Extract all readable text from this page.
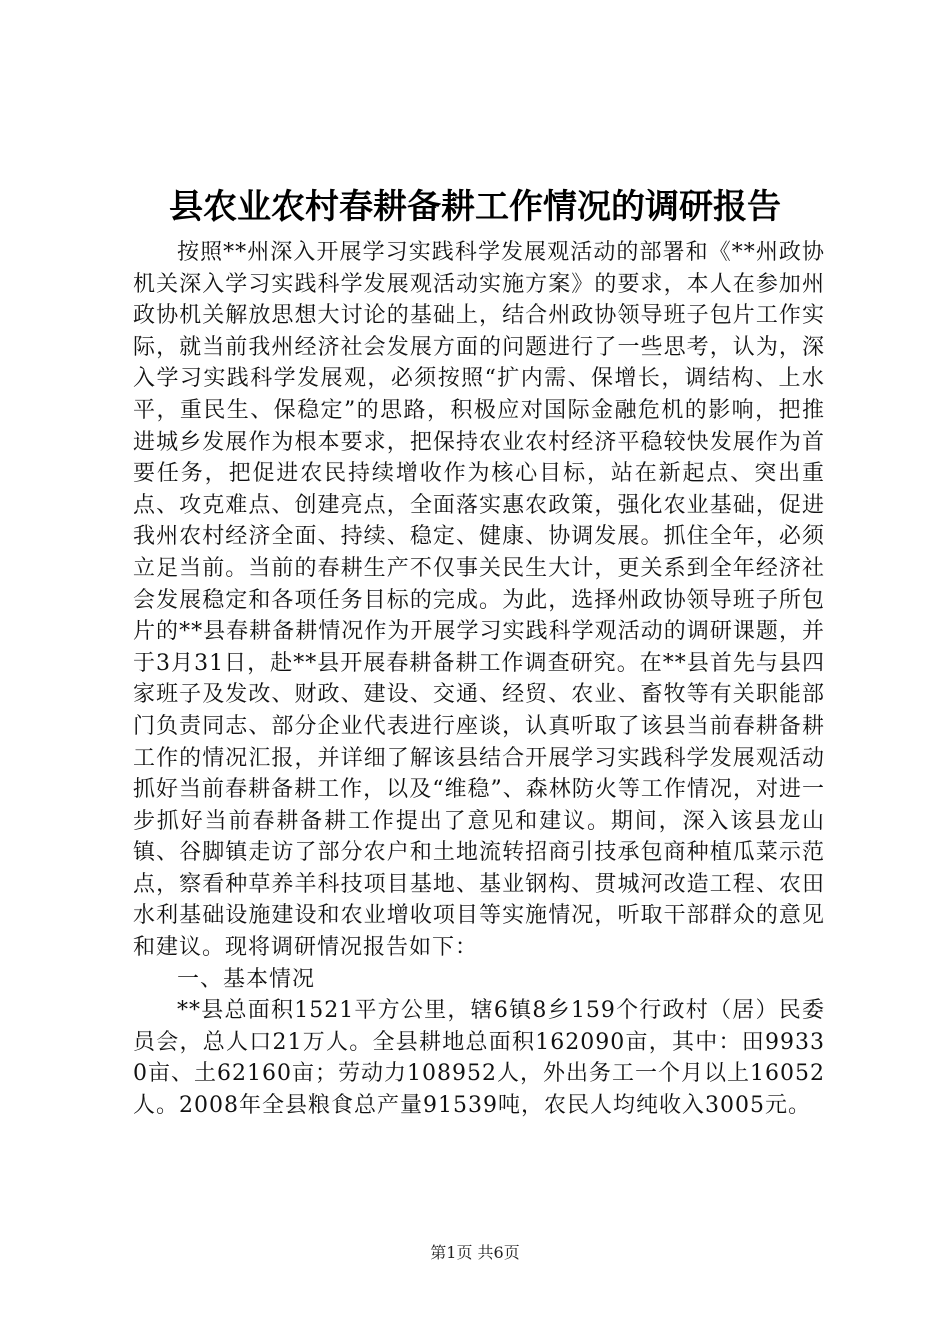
县农业农村春耕备耕工作情况的调研报告

按照**州深入开展学习实践科学发展观活动的部署和《**州政协机关深入学习实践科学发展观活动实施方案》的要求，本人在参加州政协机关解放思想大讨论的基础上，结合州政协领导班子包片工作实际，就当前我州经济社会发展方面的问题进行了一些思考，认为，深入学习实践科学发展观，必须按照“扩内需、保增长，调结构、上水平，重民生、保稳定”的思路，积极应对国际金融危机的影响，把推进城乡发展作为根本要求，把保持农业农村经济平稳较快发展作为首要任务，把促进农民持续增收作为核心目标，站在新起点、突出重点、攻克难点、创建亮点，全面落实惠农政策，强化农业基础，促进我州农村经济全面、持续、稳定、健康、协调发展。抓住全年，必须立足当前。当前的春耕生产不仅事关民生大计，更关系到全年经济社会发展稳定和各项任务目标的完成。为此，选择州政协领导班子所包片的**县春耕备耕情况作为开展学习实践科学观活动的调研课题，并于3月31日，赴**县开展春耕备耕工作调查研究。在**县首先与县四家班子及发改、财政、建设、交通、经贸、农业、畜牧等有关职能部门负责同志、部分企业代表进行座谈，认真听取了该县当前春耕备耕工作的情况汇报，并详细了解该县结合开展学习实践科学发展观活动抓好当前春耕备耕工作，以及“维稳”、森林防火等工作情况，对进一步抓好当前春耕备耕工作提出了意见和建议。期间，深入该县龙山镇、谷脚镇走访了部分农户和土地流转招商引技承包商种植瓜菜示范点，察看种草养羊科技项目基地、基业钢构、贯城河改造工程、农田水利基础设施建设和农业增收项目等实施情况，听取干部群众的意见和建议。现将调研情况报告如下：

一、基本情况

**县总面积1521平方公里，辖6镇8乡159个行政村（居）民委员会，总人口21万人。全县耕地总面积162090亩，其中：田99330亩、土62160亩；劳动力108952人，外出务工一个月以上16052人。2008年全县粮食总产量91539吨，农民人均纯收入3005元。

第1页 共6页
